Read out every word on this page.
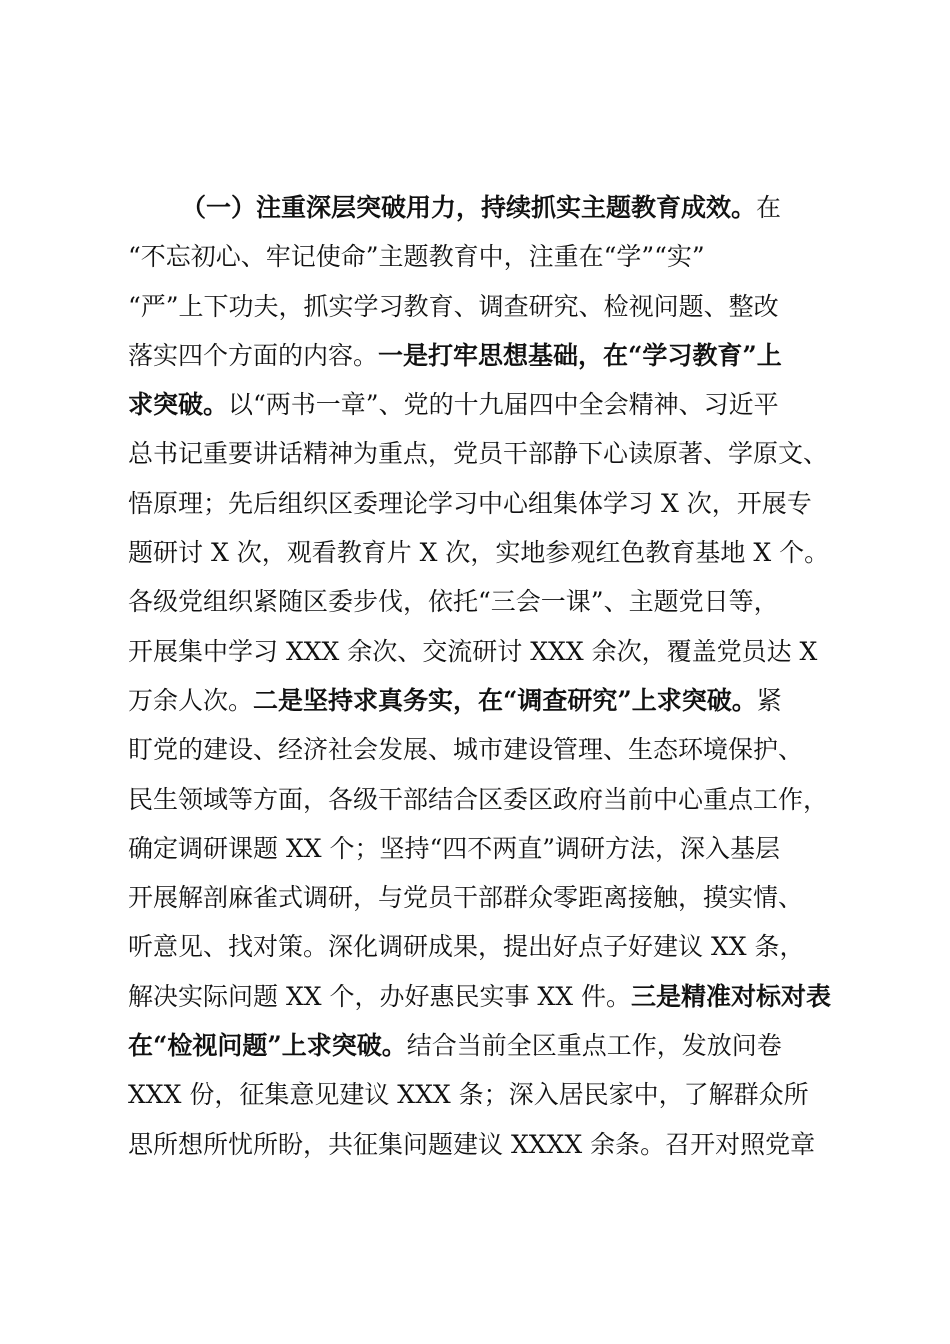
（一）注重深层突破用力，持续抓实主题教育成效。在
“不忘初心、牢记使命”主题教育中，注重在“学”“实”
“严”上下功夫，抓实学习教育、调查研究、检视问题、整改
落实四个方面的内容。一是打牢思想基础，在“学习教育”上
求突破。以“两书一章”、党的十九届四中全会精神、习近平
总书记重要讲话精神为重点，党员干部静下心读原著、学原文、
悟原理；先后组织区委理论学习中心组集体学习 X 次，开展专
题研讨 X 次，观看教育片 X 次，实地参观红色教育基地 X 个。
各级党组织紧随区委步伐，依托“三会一课”、主题党日等，
开展集中学习 XXX 余次、交流研讨 XXX 余次，覆盖党员达 X
万余人次。二是坚持求真务实，在“调查研究”上求突破。紧
盯党的建设、经济社会发展、城市建设管理、生态环境保护、
民生领域等方面，各级干部结合区委区政府当前中心重点工作，
确定调研课题 XX 个；坚持“四不两直”调研方法，深入基层
开展解剖麻雀式调研，与党员干部群众零距离接触，摸实情、
听意见、找对策。深化调研成果，提出好点子好建议 XX 条，
解决实际问题 XX 个，办好惠民实事 XX 件。三是精准对标对表
在“检视问题”上求突破。结合当前全区重点工作，发放问卷
XXX 份，征集意见建议 XXX 条；深入居民家中，了解群众所
思所想所忧所盼，共征集问题建议 XXXX 余条。召开对照党章
